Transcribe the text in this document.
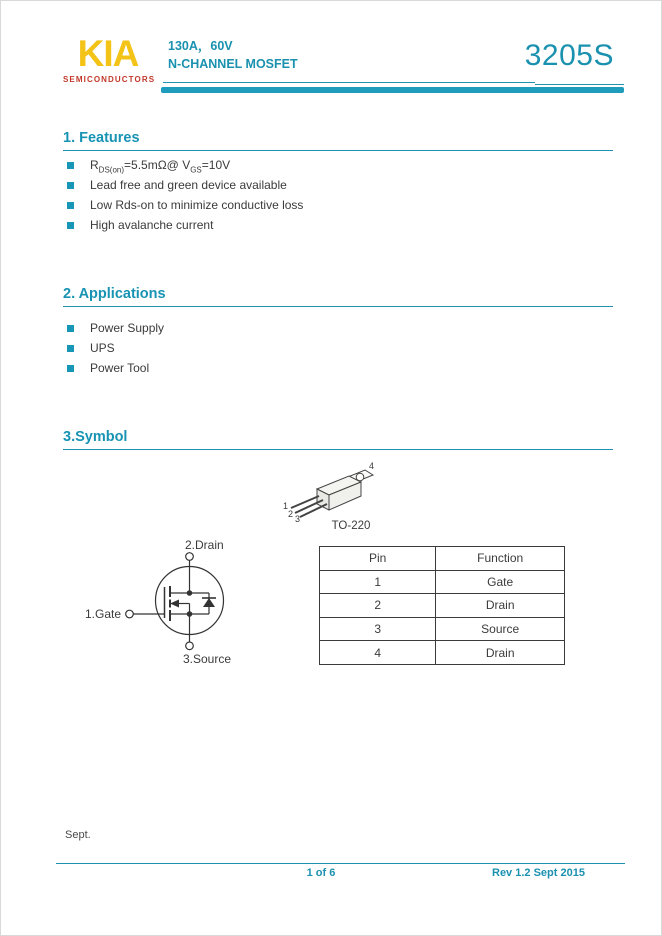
KIA
SEMICONDUCTORS
130A，60V
N-CHANNEL MOSFET	3205S
1. Features
$R_{DS(on)}=5.5m\Omega@$ $V_{GS}=10V$
Lead free and green device available
Low Rds-on to minimize conductive loss
High avalanche current
2. Applications
Power Supply
UPS
Power Tool
3.Symbol
1
2 3
4
TO-220
2.Drain
1.Gate
3.Source
Pin	Function
1	Gate
2	Drain
3	Source
4	Drain
Sept.
1 of 6	Rev 1.2 Sept 2015
